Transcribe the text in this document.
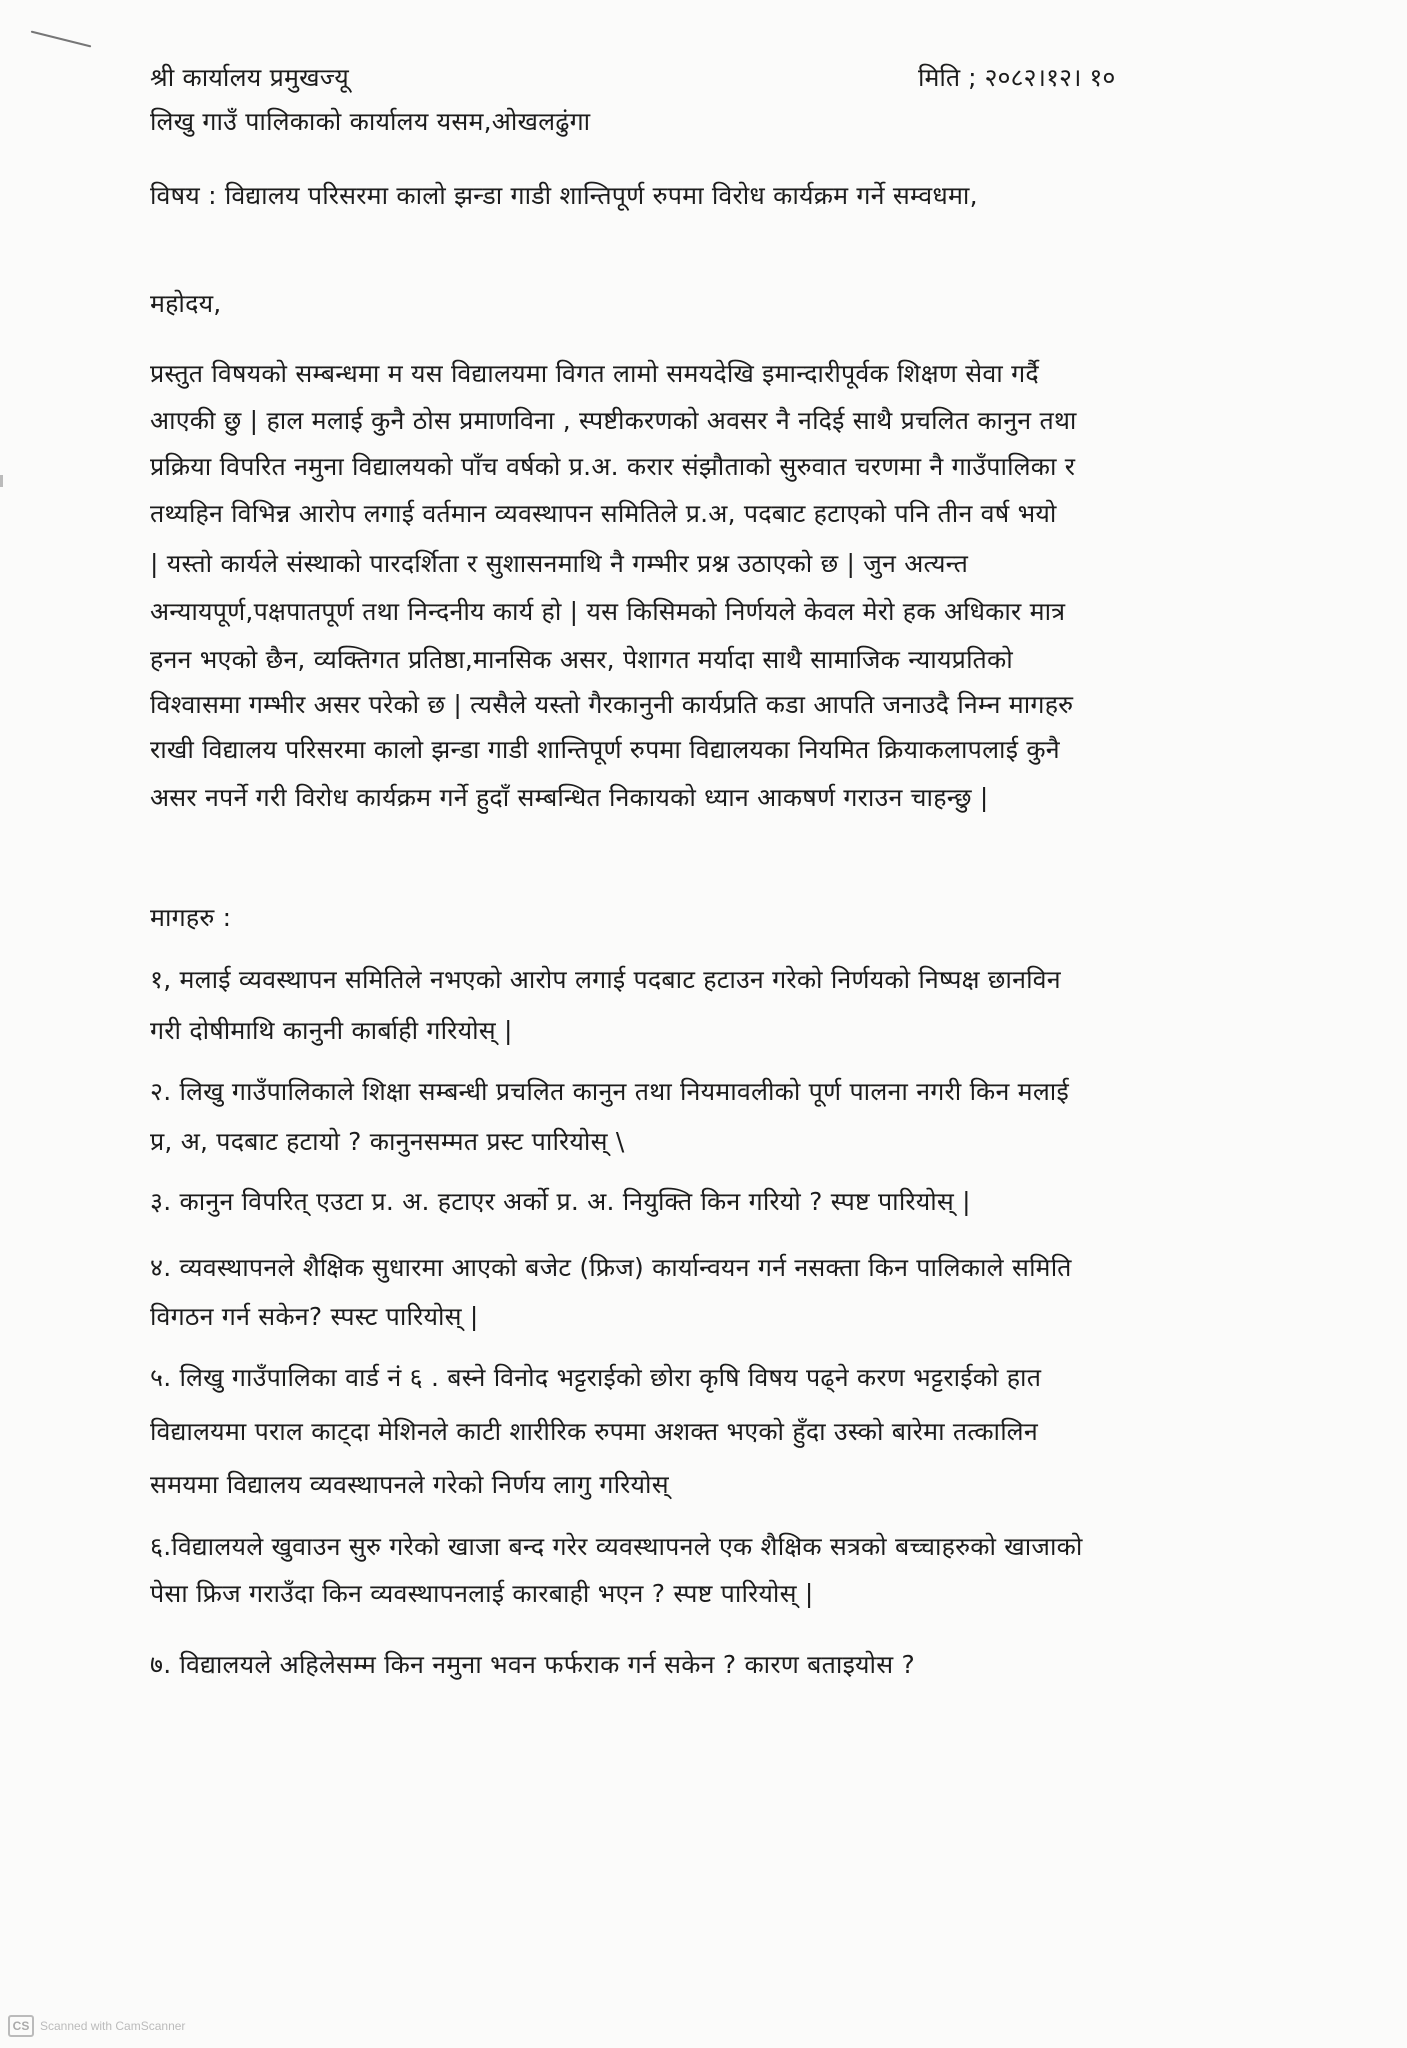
श्री कार्यालय प्रमुखज्यू	मिति ; २०८२।१२। १०
लिखु गाउँ पालिकाको कार्यालय यसम,ओखलढुंगा
विषय : विद्यालय परिसरमा कालो झन्डा गाडी शान्तिपूर्ण रुपमा विरोध कार्यक्रम गर्ने सम्वधमा,
महोदय,
प्रस्तुत विषयको सम्बन्धमा म यस विद्यालयमा विगत लामो समयदेखि इमान्दारीपूर्वक शिक्षण सेवा गर्दै
आएकी छु | हाल मलाई कुनै ठोस प्रमाणविना , स्पष्टीकरणको अवसर नै नदिई साथै प्रचलित कानुन तथा
प्रक्रिया विपरित नमुना विद्यालयको पाँच वर्षको प्र.अ. करार संझौताको सुरुवात चरणमा नै गाउँपालिका र
तथ्यहिन विभिन्न आरोप लगाई वर्तमान व्यवस्थापन समितिले प्र.अ, पदबाट हटाएको पनि तीन वर्ष भयो
| यस्तो कार्यले संस्थाको पारदर्शिता र सुशासनमाथि नै गम्भीर प्रश्न उठाएको छ | जुन अत्यन्त
अन्यायपूर्ण,पक्षपातपूर्ण तथा निन्दनीय कार्य हो | यस किसिमको निर्णयले केवल मेरो हक अधिकार मात्र
हनन भएको छैन, व्यक्तिगत प्रतिष्ठा,मानसिक असर, पेशागत मर्यादा साथै सामाजिक न्यायप्रतिको
विश्वासमा गम्भीर असर परेको छ | त्यसैले यस्तो गैरकानुनी कार्यप्रति कडा आपति जनाउदै निम्न मागहरु
राखी विद्यालय परिसरमा कालो झन्डा गाडी शान्तिपूर्ण रुपमा विद्यालयका नियमित क्रियाकलापलाई कुनै
असर नपर्ने गरी विरोध कार्यक्रम गर्ने हुदाँ सम्बन्धित निकायको ध्यान आकषर्ण गराउन चाहन्छु |
मागहरु :
१, मलाई व्यवस्थापन समितिले नभएको आरोप लगाई पदबाट हटाउन गरेको निर्णयको निष्पक्ष छानविन
गरी दोषीमाथि कानुनी कार्बाही गरियोस् |
२. लिखु गाउँपालिकाले शिक्षा सम्बन्धी प्रचलित कानुन तथा नियमावलीको पूर्ण पालना नगरी किन मलाई
प्र, अ, पदबाट हटायो ? कानुनसम्मत प्रस्ट पारियोस् \
३. कानुन विपरित् एउटा प्र. अ. हटाएर अर्को प्र. अ. नियुक्ति किन गरियो ? स्पष्ट पारियोस् |
४. व्यवस्थापनले शैक्षिक सुधारमा आएको बजेट (फ्रिज) कार्यान्वयन गर्न नसक्ता किन पालिकाले समिति
विगठन गर्न सकेन? स्पस्ट पारियोस् |
५. लिखु गाउँपालिका वार्ड नं ६ . बस्ने विनोद भट्टराईको छोरा कृषि विषय पढ्ने करण भट्टराईको हात
विद्यालयमा पराल काट्दा मेशिनले काटी शारीरिक रुपमा अशक्त भएको हुँदा उस्को बारेमा तत्कालिन
समयमा विद्यालय व्यवस्थापनले गरेको निर्णय लागु गरियोस्
६.विद्यालयले खुवाउन सुरु गरेको खाजा बन्द गरेर व्यवस्थापनले एक शैक्षिक सत्रको बच्चाहरुको खाजाको
पेसा फ्रिज गराउँदा किन व्यवस्थापनलाई कारबाही भएन ? स्पष्ट पारियोस् |
७. विद्यालयले अहिलेसम्म किन नमुना भवन फर्फराक गर्न सकेन ? कारण बताइयोस ?
CS Scanned with CamScanner
